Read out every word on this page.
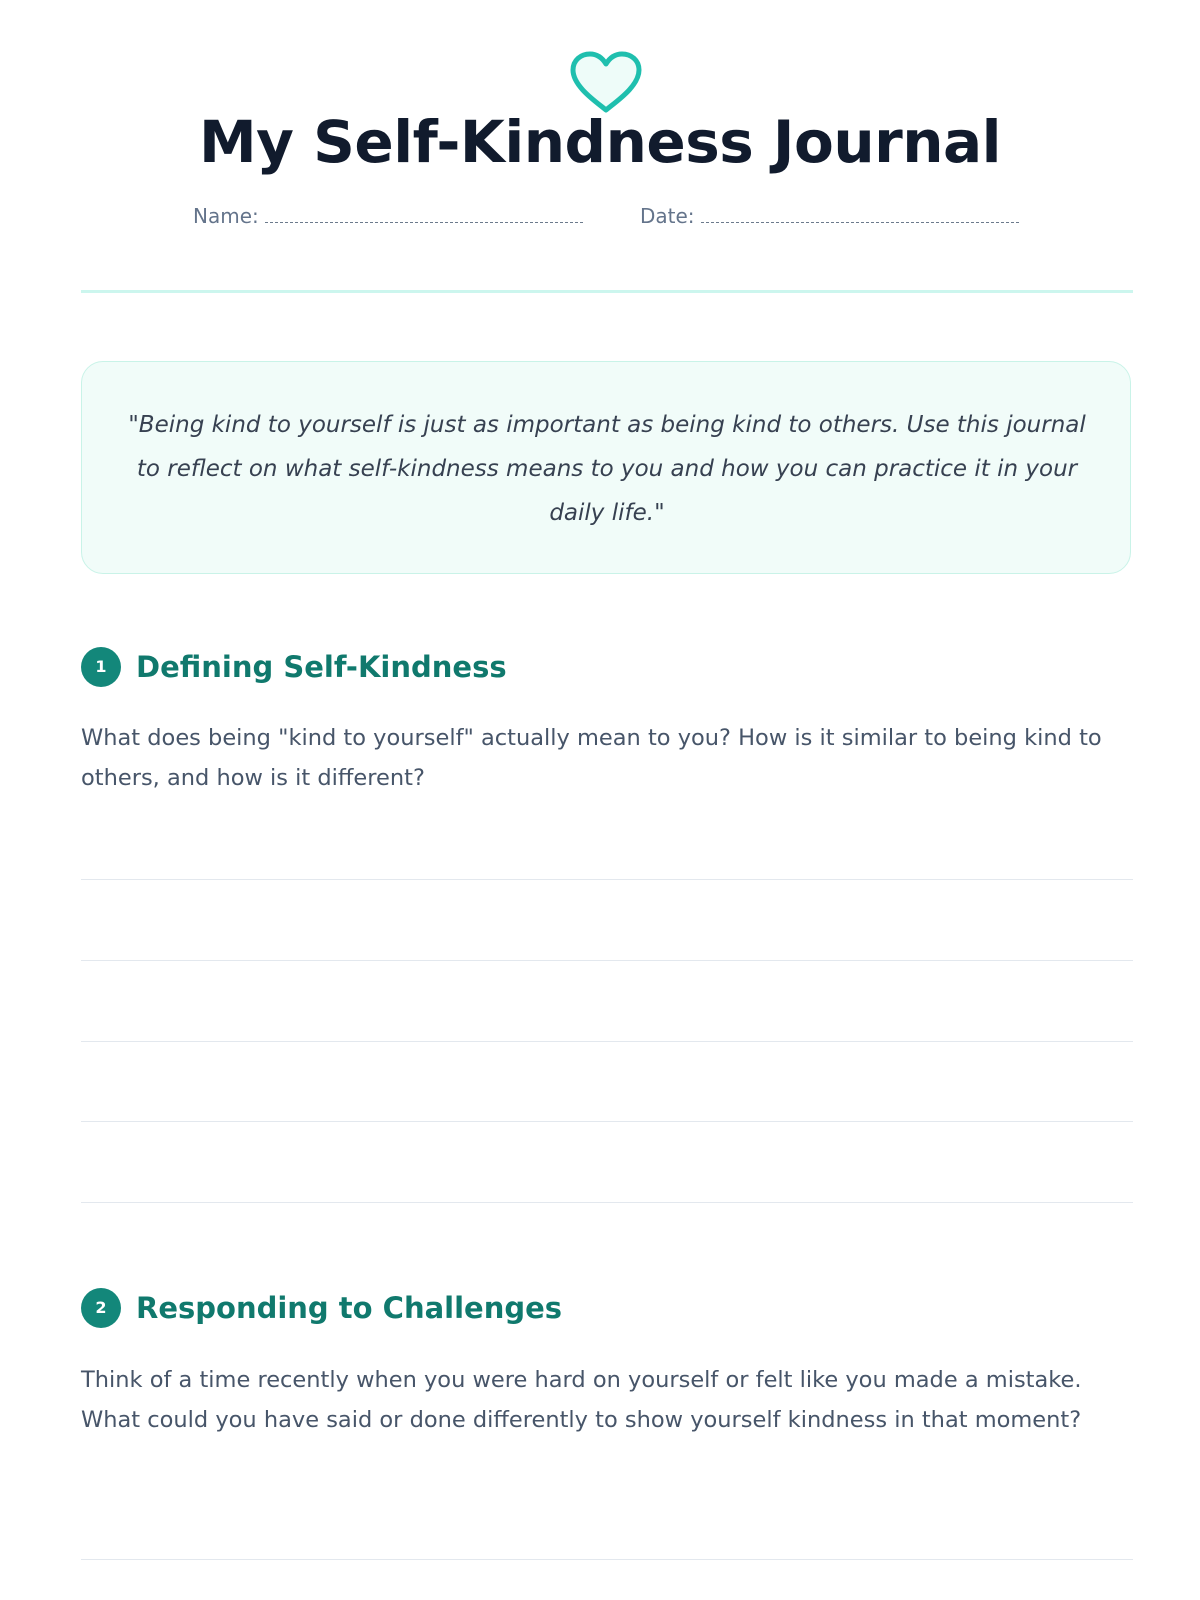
My Self-Kindness Journal
Name:	Date:
"Being kind to yourself is just as important as being kind to others. Use this journal to reflect on what self-kindness means to you and how you can practice it in your daily life."
1	Defining Self-Kindness
What does being "kind to yourself" actually mean to you? How is it similar to being kind to others, and how is it different?
2	Responding to Challenges
Think of a time recently when you were hard on yourself or felt like you made a mistake. What could you have said or done differently to show yourself kindness in that moment?
